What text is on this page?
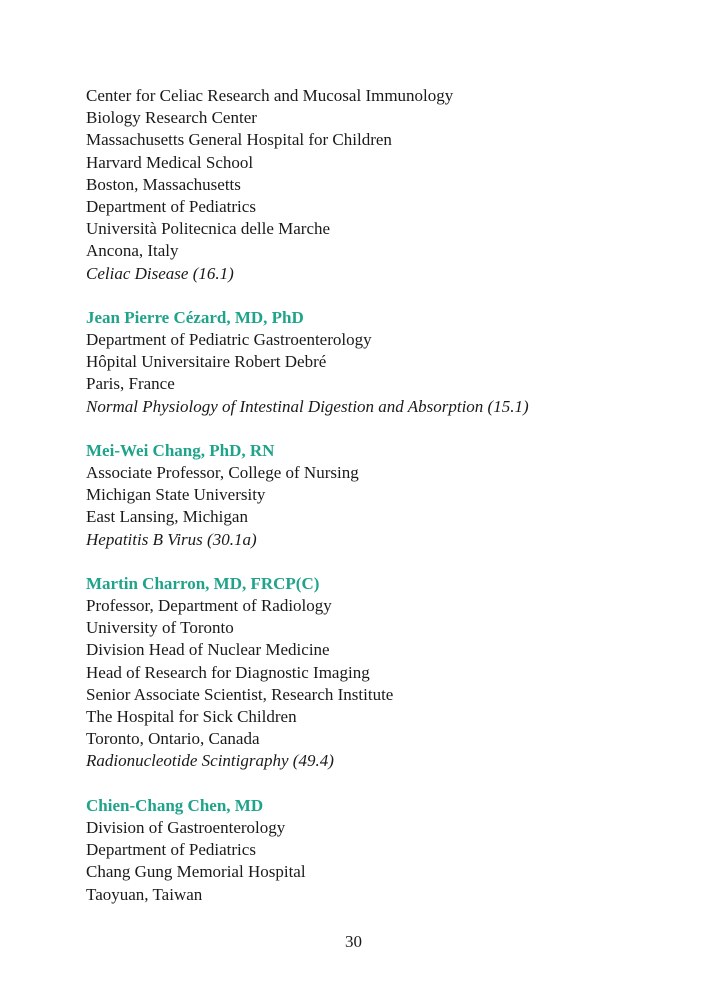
Center for Celiac Research and Mucosal Immunology

Biology Research Center

Massachusetts General Hospital for Children

Harvard Medical School

Boston, Massachusetts

Department of Pediatrics

Università Politecnica delle Marche

Ancona, Italy

Celiac Disease (16.1)

Jean Pierre Cézard, MD, PhD

Department of Pediatric Gastroenterology

Hôpital Universitaire Robert Debré

Paris, France

Normal Physiology of Intestinal Digestion and Absorption (15.1)

Mei-Wei Chang, PhD, RN

Associate Professor, College of Nursing

Michigan State University

East Lansing, Michigan

Hepatitis B Virus (30.1a)

Martin Charron, MD, FRCP(C)

Professor, Department of Radiology

University of Toronto

Division Head of Nuclear Medicine

Head of Research for Diagnostic Imaging

Senior Associate Scientist, Research Institute

The Hospital for Sick Children

Toronto, Ontario, Canada

Radionucleotide Scintigraphy (49.4)

Chien-Chang Chen, MD

Division of Gastroenterology

Department of Pediatrics

Chang Gung Memorial Hospital

Taoyuan, Taiwan

30
